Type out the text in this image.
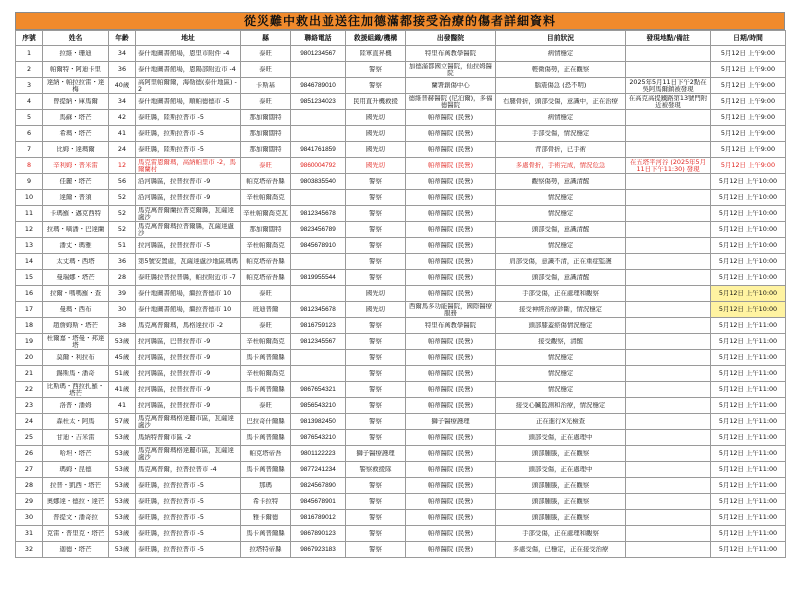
從災難中救出並送往加德滿都接受治療的傷者詳細資料
序號	姓名	年齡	地址	縣	聯絡電話	救援組織/機構	出發醫院	目前狀況	發現地點/備註	日期/時間

1	拉維・珊迪	34	泰什地圖書館場，恩里市附件 -4	泰旺	9801234567	陸軍直昇機	特里布萬教學醫院	病情穩定		5月12日 上午9:00

2	帕爾特・阿迪卡里	36	泰什地圖書館場，恩陽部附近市 -4	泰旺		警察	加德滿都國立醫院，仙拉姆醫院	輕微傷勢，正在觀察		5月12日 上午9:00

3	達納・帕拉拉雷・達梅	40歲	高阿里帕爾爾，海勒德(泰什地區) -2	卡斯基	9846789010	警察	蘭署創傷中心	腦震傷急 (恐不明)	2025年5月11日下午2點在吳阿馬爾鎮被發現	5月12日 上午9:00

4	曾提納・庫馬爾	34	泰什地圖書館場，順帕德德市 -5	泰旺	9851234023	民用直升機救援	德維普赫醫院 (尼泊爾)，多福德醫院	右腿骨折，頭部受傷，意識中，正在治療	在高克高提鐵路第13號門附近被發現	5月12日 上午9:00

5	馬蘇・塔芒	42	泰旺縣，陸斯拉普市 -5	那加爾闊特		國先切	帕蒂醫院 (民營)	病情穩定		5月12日 上午9:00

6	希瑪・塔芒	41	泰旺縣，拉斯拉普市 -5	那加爾闊特		國先切	帕蒂醫院 (民營)	手部受傷，情況穩定		5月12日 上午9:00

7	比姆・達瑪爾	24	泰旺縣，陸斯拉普市 -5	那加爾闊特	9841761859	國先切	帕蒂醫院 (民營)	背部骨折，已手術		5月12日 上午9:00

8	辛利姆・普米雷	12	馬克雷恩爾瑪，高納帕里市 -2，馬爾蘭村	泰旺	9860004792	國先切	帕蒂醫院 (民營)	多處骨折，手術完成，情況危急	在五塔平河谷 (2025年5月11日下午11:30) 發現	5月12日 上午9:00

9	佳麗・塔芒	56	沿河縣區，拉普拉普市 -9	帕克塔帝吾縣	9803835540	警察	帕蒂醫院 (民營)	觀察傷勢，意識清醒		5月12日 上午10:00

10	達爾・普須	52	沿河縣區，拉普拉普市 -9	辛杜帕爾喬克		警察	帕蒂醫院 (民營)	情況穩定		5月12日 上午10:00

11	卡瑪羅・邁克西特	52	馬克萬普爾蘭拉普克爾縣，瓦薩達盧沙	辛杜帕爾喬克瓦	9812345678	警察	帕蒂醫院 (民營)	情況穩定		5月12日 上午10:00

12	拉瑪・嘀潘・巴達蘭	52	馬克萬普爾瑪拉普爾縣，瓦薩達盧沙	那加爾闊特	9823456789	警察	帕蒂醫院 (民營)	頭部受傷，意識清醒		5月12日 上午10:00

13	潘丈・瑪雅	51	拉河縣區，拉普拉普市 -5	辛杜帕爾喬克	9845678910	警察	帕蒂醫院 (民營)	情況穩定		5月12日 上午10:00

14	太丈瑪・西塔	36	第5號安置處，瓦薩達盧沙地區瑪瑪	帕克塔帝吾縣		警察	帕蒂醫院 (民營)	肩部受傷，意識不清，正在重症監護		5月12日 上午10:00

15	曼瑞娜・塔芒	28	泰旺縣拉普拉普縣，帕拉附近市 -7	帕克塔帝吾縣	9819955544	警察	帕蒂醫院 (民營)	頭部受傷，意識清醒		5月12日 上午10:00

16	拉爾・嗎嗎羅・查	39	泰什地圖書館場，繼拉普德市 10	泰旺		國先切	帕蒂醫院 (民營)	手部受傷，正在處理和觀察		5月12日 上午10:00

17	曼瑪・西布	30	泰什地圖書館場，繼拉普德市 10	班迪普爾	9812345678	國先切	西爾馬多功能醫院，國際醫療服務	接受神經治療診斷，情況穩定		5月12日 上午10:00

18	趙詹姆斯・塔芒	38	馬克萬普爾瑪，馬格達拉市 -2	泰旺	9816759123	警察	特里布萬教學醫院	頭部膝蓋瘀傷情況穩定		5月12日 上午11:00

19	杜爾嘉・塔曼・邦達塔	53歲	拉河縣區，巴普拉普市 -9	辛杜帕爾喬克	9812345567	警察	帕蒂醫院 (民營)	接受觀察，清醒		5月12日 上午11:00

20	莫爾・利拉布	45歲	拉河縣區，拉普拉普市 -9	馬卡萬普爾縣		警察	帕蒂醫院 (民營)	情況穩定		5月12日 上午11:00

21	錫斯馬・潘奇	51歲	拉河縣區，拉普拉普市 -9	辛杜帕爾喬克		警察	帕蒂醫院 (民營)	情況穩定		5月12日 上午11:00

22	比斯瑪・西拉扎羅・塔芒	41歲	拉河縣區，拉普拉普市 -9	馬卡萬普爾縣	9867654321	警察	帕蒂醫院 (民營)	情況穩定		5月12日 上午11:00

23	洛普・潘姆	41	拉河縣區，拉普拉普市 -9	泰旺	9856543210	警察	帕蒂醫院 (民營)	接受心臟監測和治療，情況穩定		5月12日 上午11:00

24	森杜太・阿馬	57歲	馬克萬普爾瑪格達麗市區，瓦薩達盧沙	巴拉奇什爾縣	9813982450	警察	獅子醫療護理	正在進行X光檢查		5月12日 上午11:00

25	甘迪・吉米雷	53歲	馬納特普爾市區 -2	馬卡萬普爾縣	9876543210	警察	帕蒂醫院 (民營)	頭部受傷，正在處理中		5月12日 上午11:00

26	哈坦・塔芒	53歲	馬克萬普爾瑪格達麗市區，瓦薩達盧沙	帕克塔帝吾	9801122223	獅子醫療護理	帕蒂醫院 (民營)	頭部腫脹，正在觀察		5月12日 上午11:00

27	瑪姆・昆德	53歲	馬克萬普爾，拉普拉普市 -4	馬卡萬普爾縣	9877241234	警察救援隊	帕蒂醫院 (民營)	頭部受傷，正在處理中		5月12日 上午11:00

28	拉普・凱西・塔芒	53歲	泰旺縣，拉普拉普市 -5	那瑪	9824567890	警察	帕蒂醫院 (民營)	頭部腫脹，正在觀察		5月12日 上午11:00

29	奧娜達・德拉・達芒	53歲	泰旺縣，拉普拉普市 -5	希卡拉特	9845678901	警察	帕蒂醫院 (民營)	頭部腫脹，正在觀察		5月12日 上午11:00

30	普提文・潘奇拉	53歲	泰旺縣，拉普拉普市 -5	雅卡爾德	9816789012	警察	帕蒂醫院 (民營)	頭部腫脹，正在觀察		5月12日 上午11:00

31	克雷・普里克・塔芒	53歲	泰旺縣，拉普拉普市 -5	馬卡萬普爾縣	9867890123	警察	帕蒂醫院 (民營)	手部受傷，正在處理和觀察		5月12日 上午11:00

32	迦德・塔芒	53歲	泰旺縣，拉普拉普市 -5	拉塔特帝縣	9867923183	警察	帕蒂醫院 (民營)	多處受傷，已穩定，正在接受治療		5月12日 上午11:00
